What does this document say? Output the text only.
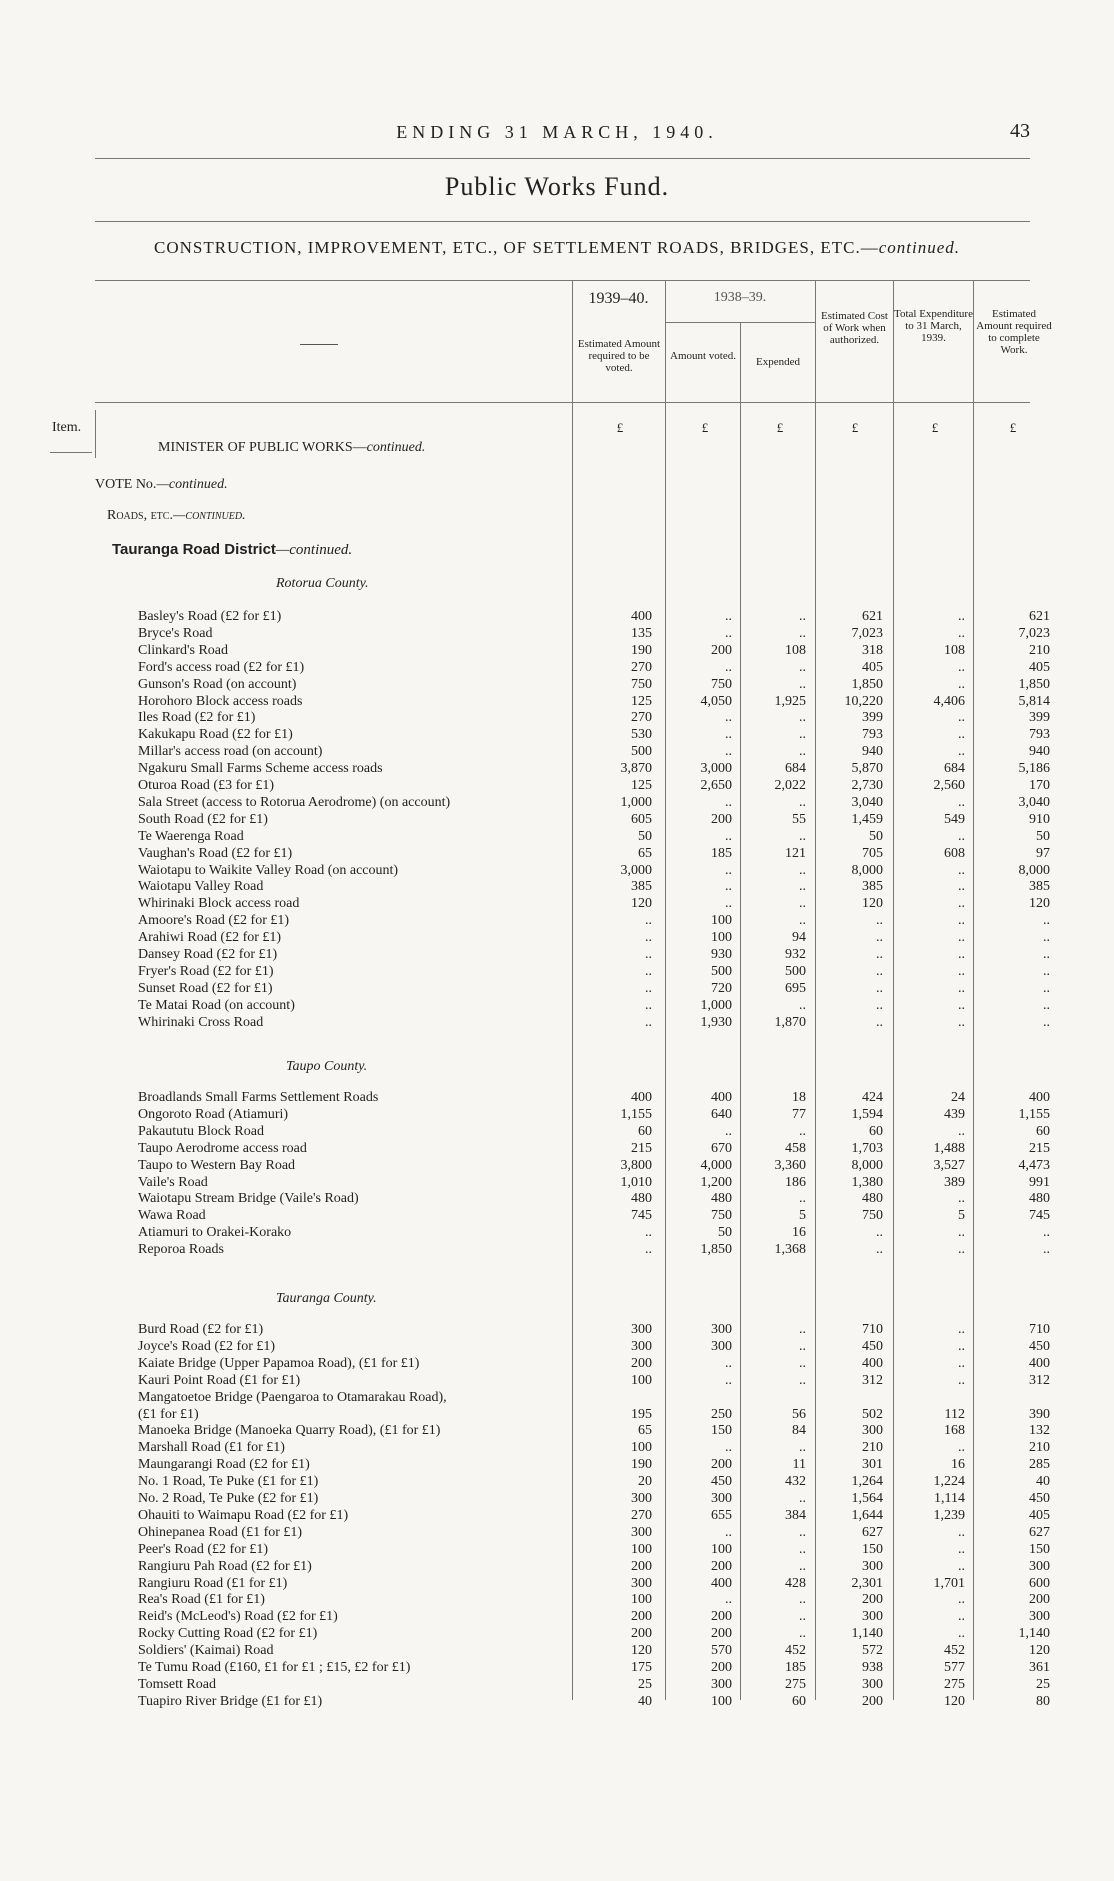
ENDING 31 MARCH, 1940.	43
Public Works Fund.
CONSTRUCTION, IMPROVEMENT, ETC., OF SETTLEMENT ROADS, BRIDGES, ETC.—continued.
1939–40.	1938–39.
Estimated Amount required to be voted.
Amount voted.	Expended
Estimated Cost of Work when authorized.
Total Expenditure to 31 March, 1939.
Estimated Amount required to complete Work.
£	£	£	£	£	£
Item.
MINISTER OF PUBLIC WORKS—continued.
VOTE No.—continued.
Roads, etc.—continued.
Tauranga Road District—continued.
Rotorua County.
Basley's Road (£2 for £1)	400	..	..	621	..	621
Bryce's Road	135	..	..	7,023	..	7,023
Clinkard's Road	190	200	108	318	108	210
Ford's access road (£2 for £1)	270	..	..	405	..	405
Gunson's Road (on account)	750	750	..	1,850	..	1,850
Horohoro Block access roads	125	4,050	1,925	10,220	4,406	5,814
Iles Road (£2 for £1)	270	..	..	399	..	399
Kakukapu Road (£2 for £1)	530	..	..	793	..	793
Millar's access road (on account)	500	..	..	940	..	940
Ngakuru Small Farms Scheme access roads	3,870	3,000	684	5,870	684	5,186
Oturoa Road (£3 for £1)	125	2,650	2,022	2,730	2,560	170
Sala Street (access to Rotorua Aerodrome) (on account)	1,000	..	..	3,040	..	3,040
South Road (£2 for £1)	605	200	55	1,459	549	910
Te Waerenga Road	50	..	..	50	..	50
Vaughan's Road (£2 for £1)	65	185	121	705	608	97
Waiotapu to Waikite Valley Road (on account)	3,000	..	..	8,000	..	8,000
Waiotapu Valley Road	385	..	..	385	..	385
Whirinaki Block access road	120	..	..	120	..	120
Amoore's Road (£2 for £1)	..	100	..	..	..	..
Arahiwi Road (£2 for £1)	..	100	94	..	..	..
Dansey Road (£2 for £1)	..	930	932	..	..	..
Fryer's Road (£2 for £1)	..	500	500	..	..	..
Sunset Road (£2 for £1)	..	720	695	..	..	..
Te Matai Road (on account)	..	1,000	..	..	..	..
Whirinaki Cross Road	..	1,930	1,870	..	..	..
Taupo County.
Broadlands Small Farms Settlement Roads	400	400	18	424	24	400
Ongoroto Road (Atiamuri)	1,155	640	77	1,594	439	1,155
Pakaututu Block Road	60	..	..	60	..	60
Taupo Aerodrome access road	215	670	458	1,703	1,488	215
Taupo to Western Bay Road	3,800	4,000	3,360	8,000	3,527	4,473
Vaile's Road	1,010	1,200	186	1,380	389	991
Waiotapu Stream Bridge (Vaile's Road)	480	480	..	480	..	480
Wawa Road	745	750	5	750	5	745
Atiamuri to Orakei-Korako	..	50	16	..	..	..
Reporoa Roads	..	1,850	1,368	..	..	..
Tauranga County.
Burd Road (£2 for £1)	300	300	..	710	..	710
Joyce's Road (£2 for £1)	300	300	..	450	..	450
Kaiate Bridge (Upper Papamoa Road), (£1 for £1)	200	..	..	400	..	400
Kauri Point Road (£1 for £1)	100	..	..	312	..	312
Mangatoetoe Bridge (Paengaroa to Otamarakau Road),
(£1 for £1)	195	250	56	502	112	390
Manoeka Bridge (Manoeka Quarry Road), (£1 for £1)	65	150	84	300	168	132
Marshall Road (£1 for £1)	100	..	..	210	..	210
Maungarangi Road (£2 for £1)	190	200	11	301	16	285
No. 1 Road, Te Puke (£1 for £1)	20	450	432	1,264	1,224	40
No. 2 Road, Te Puke (£2 for £1)	300	300	..	1,564	1,114	450
Ohauiti to Waimapu Road (£2 for £1)	270	655	384	1,644	1,239	405
Ohinepanea Road (£1 for £1)	300	..	..	627	..	627
Peer's Road (£2 for £1)	100	100	..	150	..	150
Rangiuru Pah Road (£2 for £1)	200	200	..	300	..	300
Rangiuru Road (£1 for £1)	300	400	428	2,301	1,701	600
Rea's Road (£1 for £1)	100	..	..	200	..	200
Reid's (McLeod's) Road (£2 for £1)	200	200	..	300	..	300
Rocky Cutting Road (£2 for £1)	200	200	..	1,140	..	1,140
Soldiers' (Kaimai) Road	120	570	452	572	452	120
Te Tumu Road (£160, £1 for £1 ; £15, £2 for £1)	175	200	185	938	577	361
Tomsett Road	25	300	275	300	275	25
Tuapiro River Bridge (£1 for £1)	40	100	60	200	120	80
